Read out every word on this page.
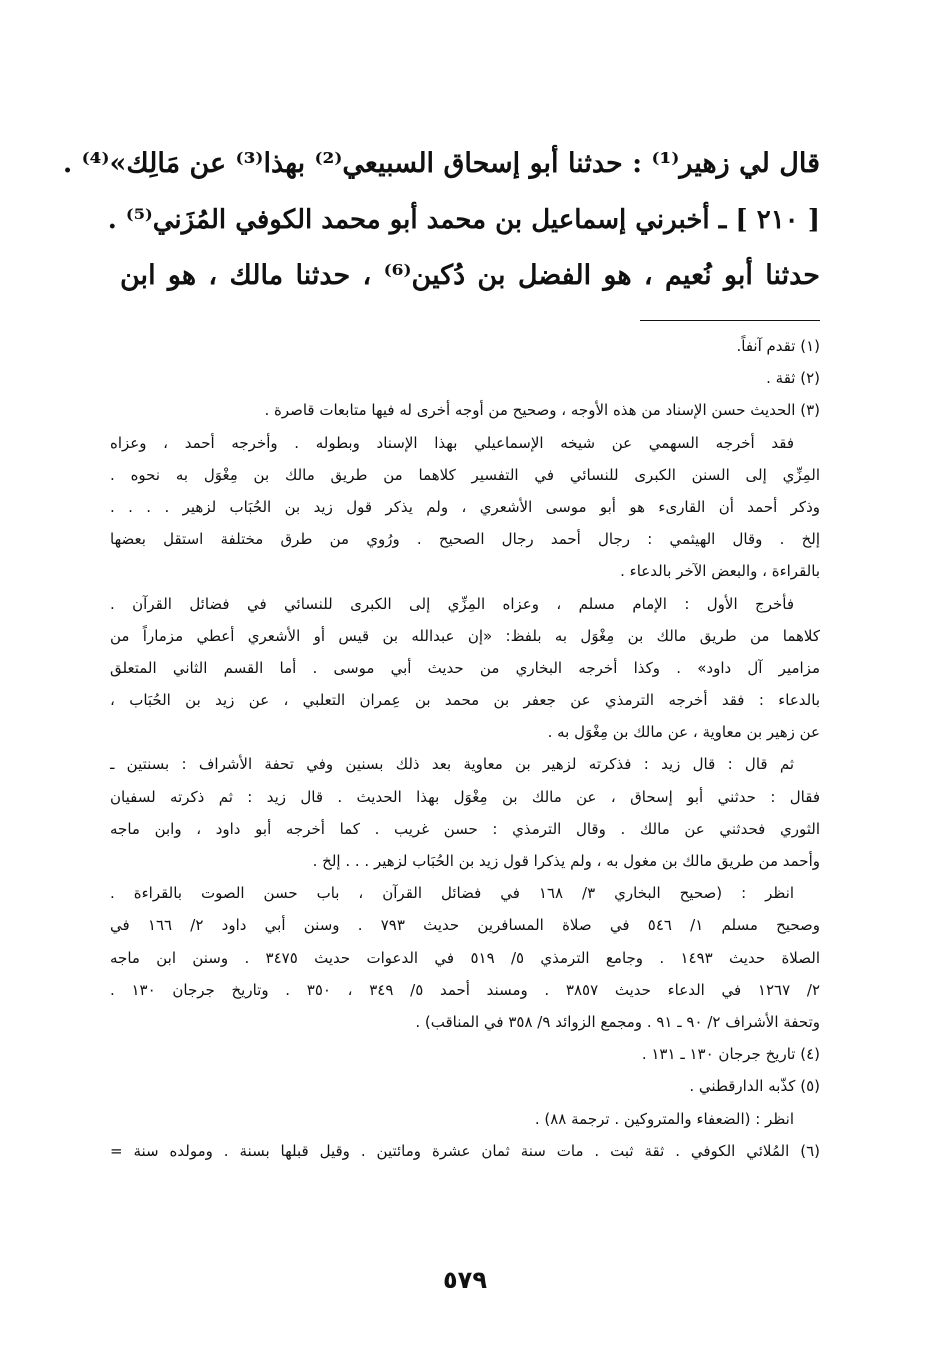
قال لي زهير⁽¹⁾ : حدثنا أبو إسحاق السبيعي⁽²⁾ بهذا⁽³⁾ عن مَالِك»⁽⁴⁾ .
[ ٢١٠ ] ـ أخبرني إسماعيل بن محمد أبو محمد الكوفي المُزَني⁽⁵⁾ .
حدثنا أبو نُعيم ، هو الفضل بن دُكين⁽⁶⁾ ، حدثنا مالك ، هو ابن
(١) تقدم آنفاً.
(٢) ثقة .
(٣) الحديث حسن الإسناد من هذه الأوجه ، وصحيح من أوجه أخرى له فيها متابعات قاصرة .
فقد أخرجه السهمي عن شيخه الإسماعيلي بهذا الإسناد وبطوله . وأخرجه أحمد ، وعزاه
المِزِّي إلى السنن الكبرى للنسائي في التفسير كلاهما من طريق مالك بن مِغْوَل به نحوه .
وذكر أحمد أن القارىء هو أبو موسى الأشعري ، ولم يذكر قول زيد بن الحُبَاب لزهير . . . .
إلخ . وقال الهيثمي : رجال أحمد رجال الصحيح . ورُوي من طرق مختلفة استقل بعضها
بالقراءة ، والبعض الآخر بالدعاء .
فأخرج الأول : الإمام مسلم ، وعزاه المِزِّي إلى الكبرى للنسائي في فضائل القرآن .
كلاهما من طريق مالك بن مِغْوَل به بلفظ: «إن عبدالله بن قيس أو الأشعري أعطي مزماراً من
مزامير آل داود» . وكذا أخرجه البخاري من حديث أبي موسى . أما القسم الثاني المتعلق
بالدعاء : فقد أخرجه الترمذي عن جعفر بن محمد بن عِمران التعلبي ، عن زيد بن الحُبَاب ،
عن زهير بن معاوية ، عن مالك بن مِغْوَل به .
ثم قال : قال زيد : فذكرته لزهير بن معاوية بعد ذلك بسنين وفي تحفة الأشراف : بسنتين ـ
فقال : حدثني أبو إسحاق ، عن مالك بن مِغْوَل بهذا الحديث . قال زيد : ثم ذكرته لسفيان
الثوري فحدثني عن مالك . وقال الترمذي : حسن غريب . كما أخرجه أبو داود ، وابن ماجه
وأحمد من طريق مالك بن مغول به ، ولم يذكرا قول زيد بن الحُبَاب لزهير . . . إلخ .
انظر : (صحيح البخاري ٣/ ١٦٨ في فضائل القرآن ، باب حسن الصوت بالقراءة .
وصحيح مسلم ١/ ٥٤٦ في صلاة المسافرين حديث ٧٩٣ . وسنن أبي داود ٢/ ١٦٦ في
الصلاة حديث ١٤٩٣ . وجامع الترمذي ٥/ ٥١٩ في الدعوات حديث ٣٤٧٥ . وسنن ابن ماجه
٢/ ١٢٦٧ في الدعاء حديث ٣٨٥٧ . ومسند أحمد ٥/ ٣٤٩ ، ٣٥٠ . وتاريخ جرجان ١٣٠ .
وتحفة الأشراف ٢/ ٩٠ ـ ٩١ . ومجمع الزوائد ٩/ ٣٥٨ في المناقب) .
(٤) تاريخ جرجان ١٣٠ ـ ١٣١ .
(٥) كذّبه الدارقطني .
انظر : (الضعفاء والمتروكين . ترجمة ٨٨) .
(٦) المُلائي الكوفي . ثقة ثبت . مات سنة ثمان عشرة ومائتين . وقيل قبلها بسنة . ومولده سنة =
٥٧٩
